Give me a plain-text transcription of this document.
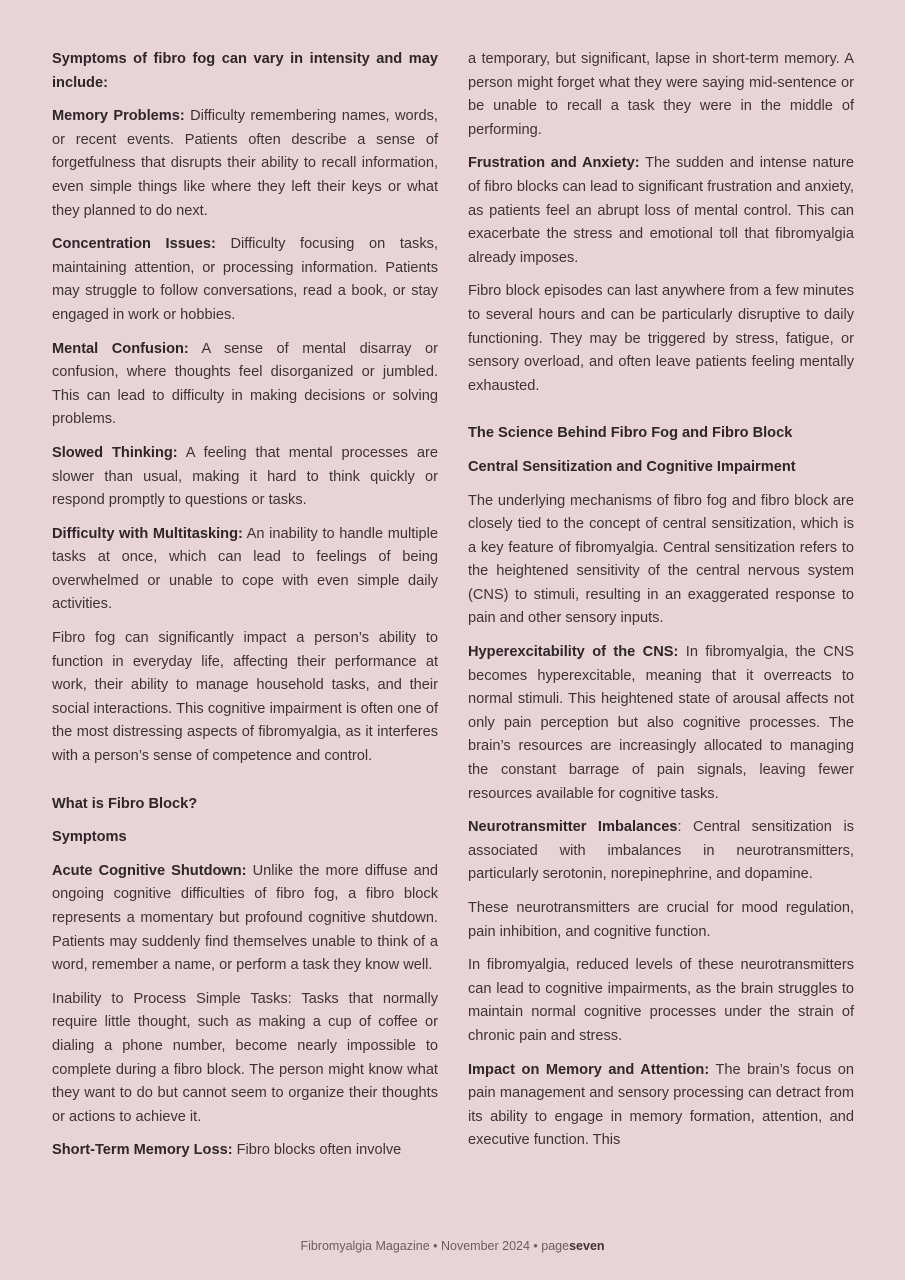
Symptoms of fibro fog can vary in intensity and may include:

Memory Problems: Difficulty remembering names, words, or recent events. Patients often describe a sense of forgetfulness that disrupts their ability to recall information, even simple things like where they left their keys or what they planned to do next.

Concentration Issues: Difficulty focusing on tasks, maintaining attention, or processing information. Patients may struggle to follow conversations, read a book, or stay engaged in work or hobbies.

Mental Confusion: A sense of mental disarray or confusion, where thoughts feel disorganized or jumbled. This can lead to difficulty in making decisions or solving problems.

Slowed Thinking: A feeling that mental processes are slower than usual, making it hard to think quickly or respond promptly to questions or tasks.

Difficulty with Multitasking: An inability to handle multiple tasks at once, which can lead to feelings of being overwhelmed or unable to cope with even simple daily activities.

Fibro fog can significantly impact a person’s ability to function in everyday life, affecting their performance at work, their ability to manage household tasks, and their social interactions. This cognitive impairment is often one of the most distressing aspects of fibromyalgia, as it interferes with a person’s sense of competence and control.

What is Fibro Block?

Symptoms

Acute Cognitive Shutdown: Unlike the more diffuse and ongoing cognitive difficulties of fibro fog, a fibro block represents a momentary but profound cognitive shutdown. Patients may suddenly find themselves unable to think of a word, remember a name, or perform a task they know well.

Inability to Process Simple Tasks: Tasks that normally require little thought, such as making a cup of coffee or dialing a phone number, become nearly impossible to complete during a fibro block. The person might know what they want to do but cannot seem to organize their thoughts or actions to achieve it.

Short-Term Memory Loss: Fibro blocks often involve

a temporary, but significant, lapse in short-term memory. A person might forget what they were saying mid-sentence or be unable to recall a task they were in the middle of performing.

Frustration and Anxiety: The sudden and intense nature of fibro blocks can lead to significant frustration and anxiety, as patients feel an abrupt loss of mental control. This can exacerbate the stress and emotional toll that fibromyalgia already imposes.

Fibro block episodes can last anywhere from a few minutes to several hours and can be particularly disruptive to daily functioning. They may be triggered by stress, fatigue, or sensory overload, and often leave patients feeling mentally exhausted.

The Science Behind Fibro Fog and Fibro Block

Central Sensitization and Cognitive Impairment

The underlying mechanisms of fibro fog and fibro block are closely tied to the concept of central sensitization, which is a key feature of fibromyalgia. Central sensitization refers to the heightened sensitivity of the central nervous system (CNS) to stimuli, resulting in an exaggerated response to pain and other sensory inputs.

Hyperexcitability of the CNS: In fibromyalgia, the CNS becomes hyperexcitable, meaning that it overreacts to normal stimuli. This heightened state of arousal affects not only pain perception but also cognitive processes. The brain’s resources are increasingly allocated to managing the constant barrage of pain signals, leaving fewer resources available for cognitive tasks.

Neurotransmitter Imbalances: Central sensitization is associated with imbalances in neurotransmitters, particularly serotonin, norepinephrine, and dopamine.

These neurotransmitters are crucial for mood regulation, pain inhibition, and cognitive function.

In fibromyalgia, reduced levels of these neurotransmitters can lead to cognitive impairments, as the brain struggles to maintain normal cognitive processes under the strain of chronic pain and stress.

Impact on Memory and Attention: The brain’s focus on pain management and sensory processing can detract from its ability to engage in memory formation, attention, and executive function. This

Fibromyalgia Magazine • November 2024 • pageseven
